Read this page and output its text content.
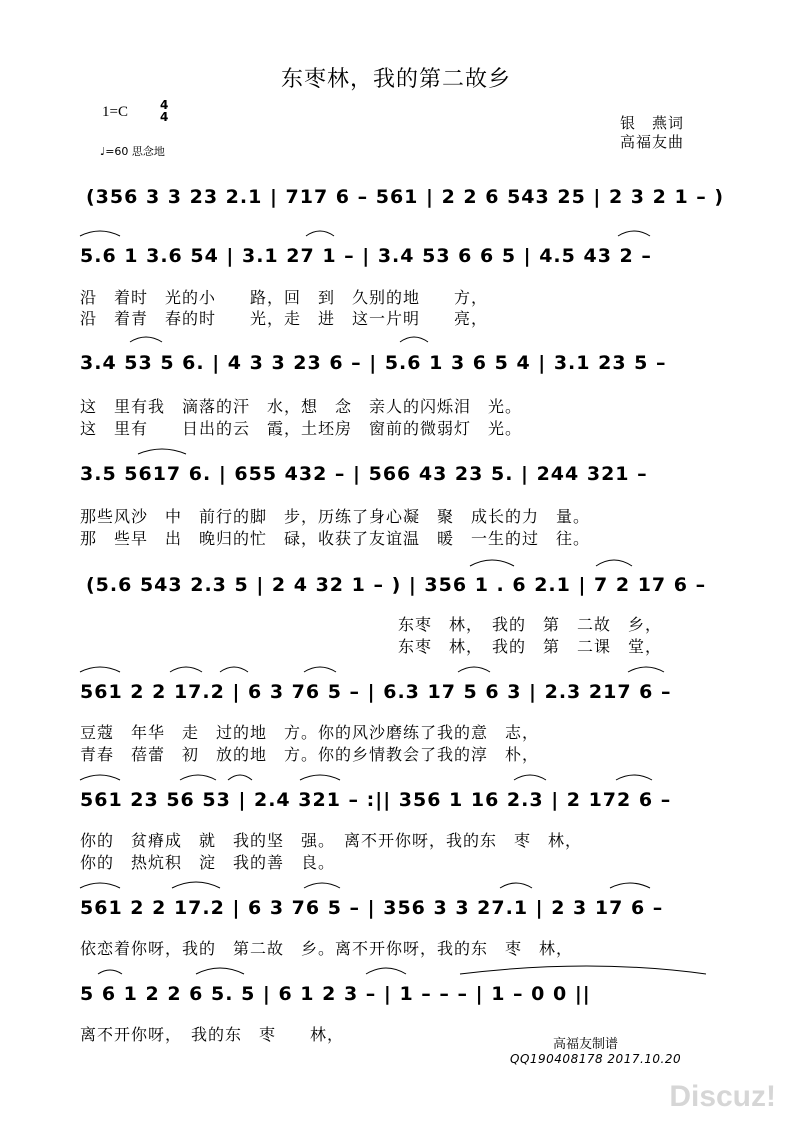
东枣林，我的第二故乡
1=C	4
4
♩=60 思念地
银　燕词
高福友曲
(356 3 3 23 2.1 | 717 6 – 561 | 2 2 6 543 25 | 2 3 2 1 – )
5.6 1 3.6 54 | 3.1 27 1 – | 3.4 53 6 6 5 | 4.5 43 2 –
沿　着时　光的小　　路，回　到　久别的地　　方，
沿　着青　春的时　　光，走　进　这一片明　　亮，
3.4 53 5 6. | 4 3 3 23 6 – | 5.6 1 3 6 5 4 | 3.1 23 5 –
这　里有我　滴落的汗　水，想　念　亲人的闪烁泪　光。
这　里有　　日出的云　霞，土坯房　窗前的微弱灯　光。
3.5 5617 6. | 655 432 – | 566 43 23 5. | 244 321 –
那些风沙　中　前行的脚　步，历练了身心凝　聚　成长的力　量。
那　些早　出　晚归的忙　碌，收获了友谊温　暖　一生的过　往。
(5.6 543 2.3 5 | 2 4 32 1 – ) | 356 1 . 6 2.1 | 7 2 17 6 –
东枣　林，　我的　第　二故　乡，
东枣　林，　我的　第　二课　堂，
561 2 2 17.2 | 6 3 76 5 – | 6.3 17 5 6 3 | 2.3 217 6 –
豆蔻　年华　走　过的地　方。你的风沙磨练了我的意　志，
青春　蓓蕾　初　放的地　方。你的乡情教会了我的淳　朴，
561 23 56 53 | 2.4 321 – :|| 356 1 16 2.3 | 2 172 6 –
你的　贫瘠成　就　我的坚　强。　离不开你呀，我的东　枣　林，
你的　热炕积　淀　我的善　良。
561 2 2 17.2 | 6 3 76 5 – | 356 3 3 27.1 | 2 3 17 6 –
依恋着你呀，我的　第二故　乡。离不开你呀，我的东　枣　林，
5 6 1 2 2 6 5. 5 | 6 1 2 3 – | 1 – – – | 1 – 0 0 ||
离不开你呀，　我的东　枣　　林，
高福友制谱
QQ190408178 2017.10.20
Discuz!
